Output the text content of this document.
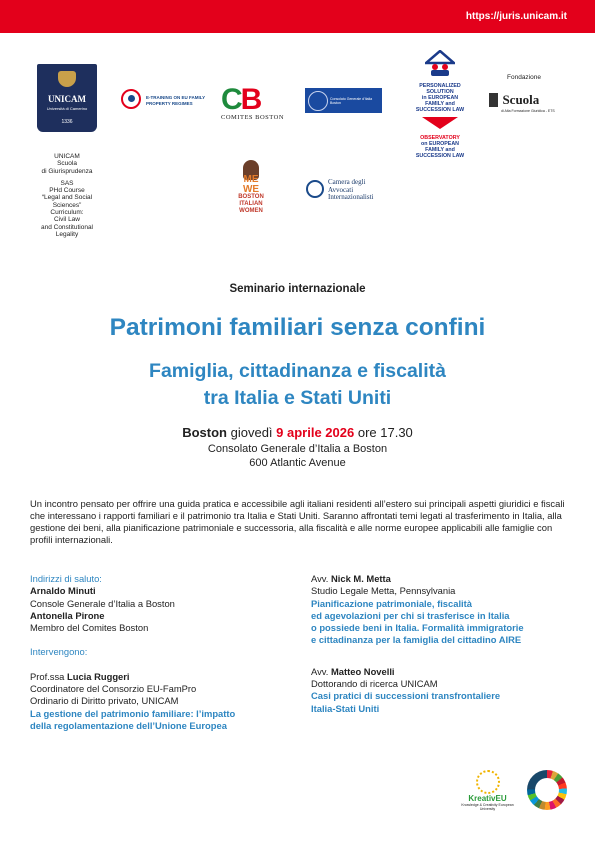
https://juris.unicam.it
UNICAM
Università di Camerino
1336
UNICAM
Scuola
di Giurisprudenza
SAS
PHd Course
“Legal and Social
Sciences”
Curriculum:
Civil Law
and Constitutional
Legality
E-TRAINING ON EU FAMILY
PROPERTY REGIMES CB
COMITES BOSTON
Consolato Generale d'Italia
Boston
PERSONALIZED SOLUTION
in EUROPEAN FAMILY and
SUCCESSION LAW
OBSERVATORY
on EUROPEAN FAMILY and
SUCCESSION LAW
Fondazione
Scuola
di Alta Formazione Giuridica - ETS
ME
WE
BOSTON
ITALIAN
WOMEN
Camera degli
Avvocati
Internazionalisti
Seminario internazionale
Patrimoni familiari senza confini
Famiglia, cittadinanza e fiscalità
tra Italia e Stati Uniti
Boston giovedì 9 aprile 2026 ore 17.30
Consolato Generale d’Italia a Boston
600 Atlantic Avenue
Un incontro pensato per offrire una guida pratica e accessibile agli italiani residenti all’estero sui principali aspetti giuridici e fiscali che interessano i rapporti familiari e il patrimonio tra Italia e Stati Uniti. Saranno affrontati temi legati al trasferimento in Italia, alla gestione dei beni, alla pianificazione patrimoniale e successoria, alla fiscalità e alle norme europee applicabili alle famiglie con profili internazionali.
Indirizzi di saluto:
Arnaldo Minuti
Console Generale d’Italia a Boston
Antonella Pirone
Membro del Comites Boston
Intervengono:
Prof.ssa Lucia Ruggeri
Coordinatore del Consorzio EU-FamPro
Ordinario di Diritto privato, UNICAM
La gestione del patrimonio familiare: l’impatto
della regolamentazione dell’Unione Europea
Avv. Nick M. Metta
Studio Legale Metta, Pennsylvania
Pianificazione patrimoniale, fiscalità
ed agevolazioni per chi si trasferisce in Italia
o possiede beni in Italia. Formalità immigratorie
e cittadinanza per la famiglia del cittadino AIRE
Avv. Matteo Novelli
Dottorando di ricerca UNICAM
Casi pratici di successioni transfrontaliere
Italia-Stati Uniti
KreativEU
Knowledge & Creativity European University
